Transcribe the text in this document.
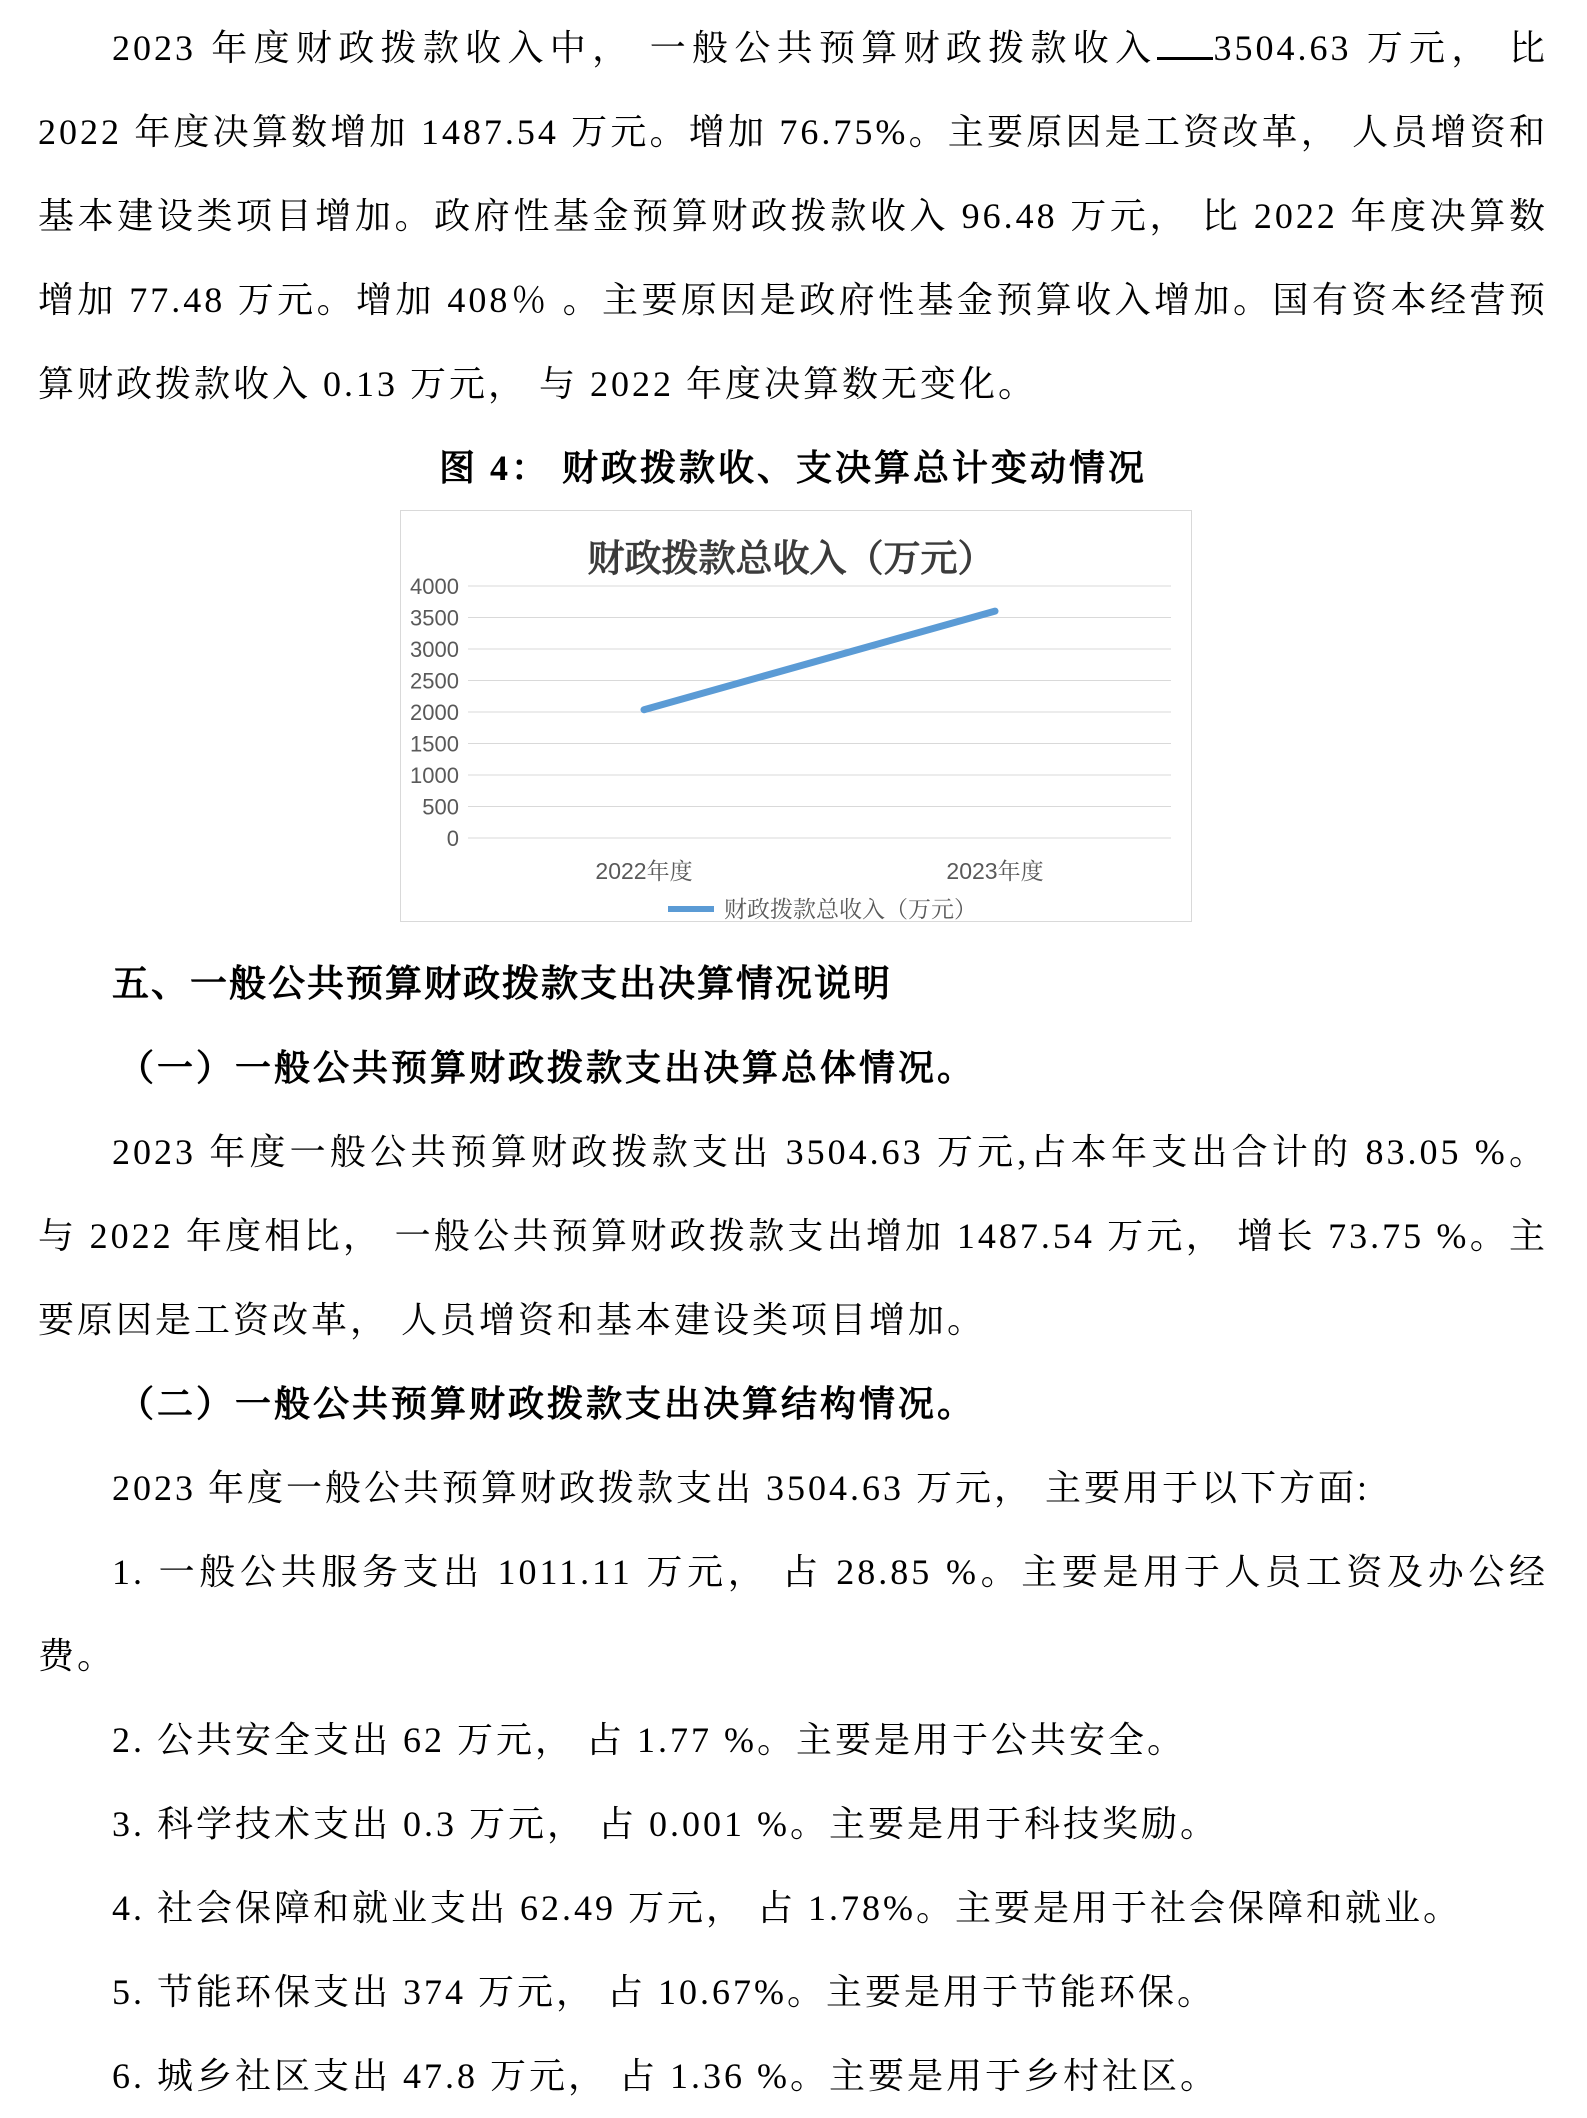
2023 年度财政拨款收入中， 一般公共预算财政拨款收入 3504.63 万元， 比 2022 年度决算数增加 1487.54 万元。增加 76.75%。主要原因是工资改革， 人员增资和基本建设类项目增加。政府性基金预算财政拨款收入 96.48 万元， 比 2022 年度决算数增加 77.48 万元。增加 408％ 。主要原因是政府性基金预算收入增加。国有资本经营预算财政拨款收入 0.13 万元， 与 2022 年度决算数无变化。

图 4： 财政拨款收、支决算总计变动情况

财政拨款总收入（万元）
4000
3500
3000
2500
2000
1500
1000
500
0
2022年度	2023年度
财政拨款总收入（万元）
五、一般公共预算财政拨款支出决算情况说明

（一）一般公共预算财政拨款支出决算总体情况。

2023 年度一般公共预算财政拨款支出 3504.63 万元,占本年支出合计的 83.05 %。与 2022 年度相比， 一般公共预算财政拨款支出增加 1487.54 万元， 增长 73.75 %。主要原因是工资改革， 人员增资和基本建设类项目增加。

（二）一般公共预算财政拨款支出决算结构情况。

2023 年度一般公共预算财政拨款支出 3504.63 万元， 主要用于以下方面:

1. 一般公共服务支出 1011.11 万元， 占 28.85 %。主要是用于人员工资及办公经费。

2. 公共安全支出 62 万元， 占 1.77 %。主要是用于公共安全。

3. 科学技术支出 0.3 万元， 占 0.001 %。主要是用于科技奖励。

4. 社会保障和就业支出 62.49 万元， 占 1.78%。主要是用于社会保障和就业。

5. 节能环保支出 374 万元， 占 10.67%。主要是用于节能环保。

6. 城乡社区支出 47.8 万元， 占 1.36 %。主要是用于乡村社区。
